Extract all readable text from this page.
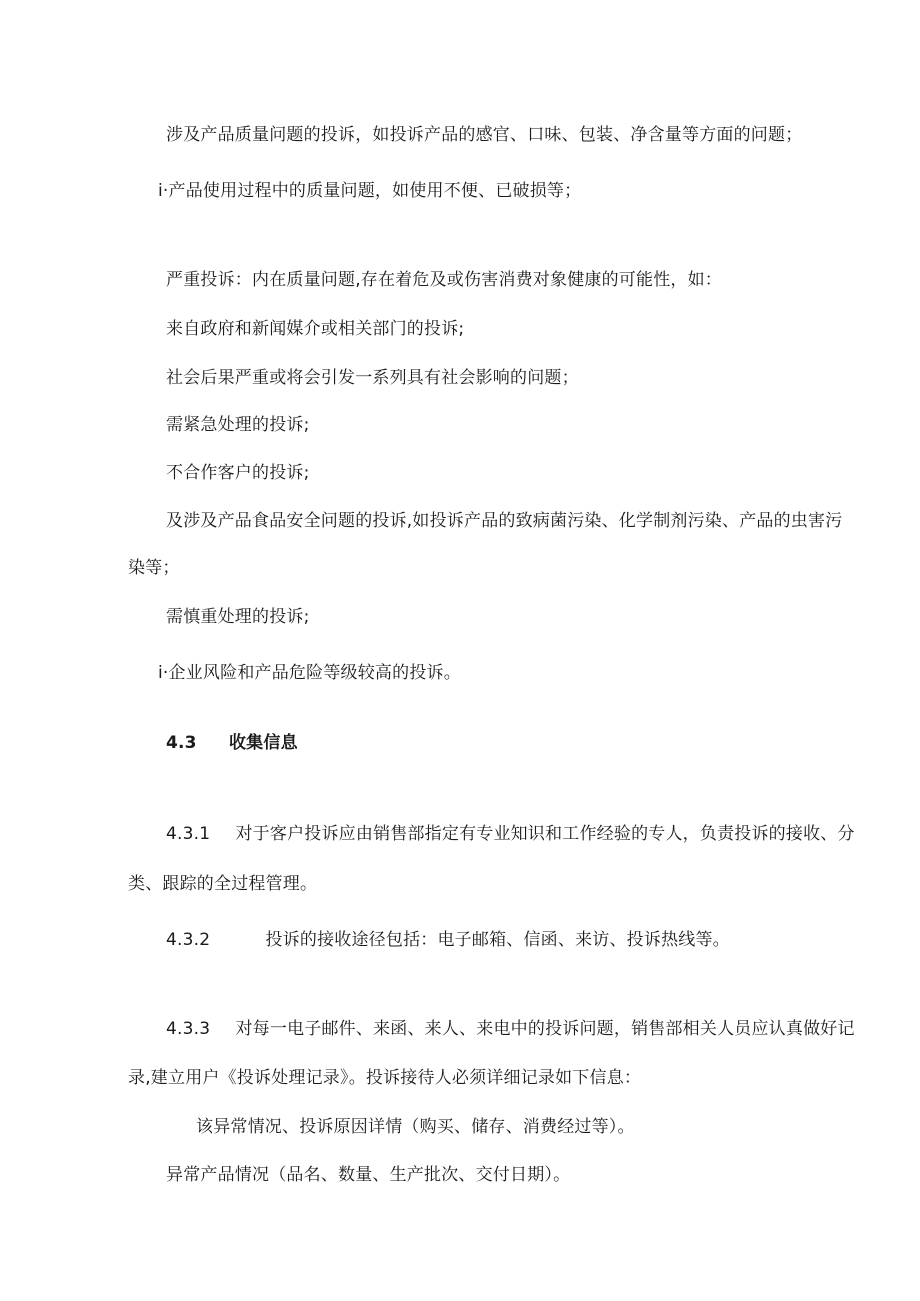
涉及产品质量问题的投诉，如投诉产品的感官、口味、包装、净含量等方面的问题；
i·产品使用过程中的质量问题，如使用不便、已破损等；
严重投诉：内在质量问题,存在着危及或伤害消费对象健康的可能性，如：
来自政府和新闻媒介或相关部门的投诉;
社会后果严重或将会引发一系列具有社会影响的问题；
需紧急处理的投诉;
不合作客户的投诉;
及涉及产品食品安全问题的投诉,如投诉产品的致病菌污染、化学制剂污染、产品的虫害污
染等；
需慎重处理的投诉;
i·企业风险和产品危险等级较高的投诉。
4.3 收集信息
4.3.1 对于客户投诉应由销售部指定有专业知识和工作经验的专人，负责投诉的接收、分
类、跟踪的全过程管理。
4.3.2	投诉的接收途径包括：电子邮箱、信函、来访、投诉热线等。
4.3.3 对每一电子邮件、来函、来人、来电中的投诉问题，销售部相关人员应认真做好记
录,建立用户《投诉处理记录》。投诉接待人必须详细记录如下信息：
该异常情况、投诉原因详情（购买、储存、消费经过等）。
异常产品情况（品名、数量、生产批次、交付日期）。
